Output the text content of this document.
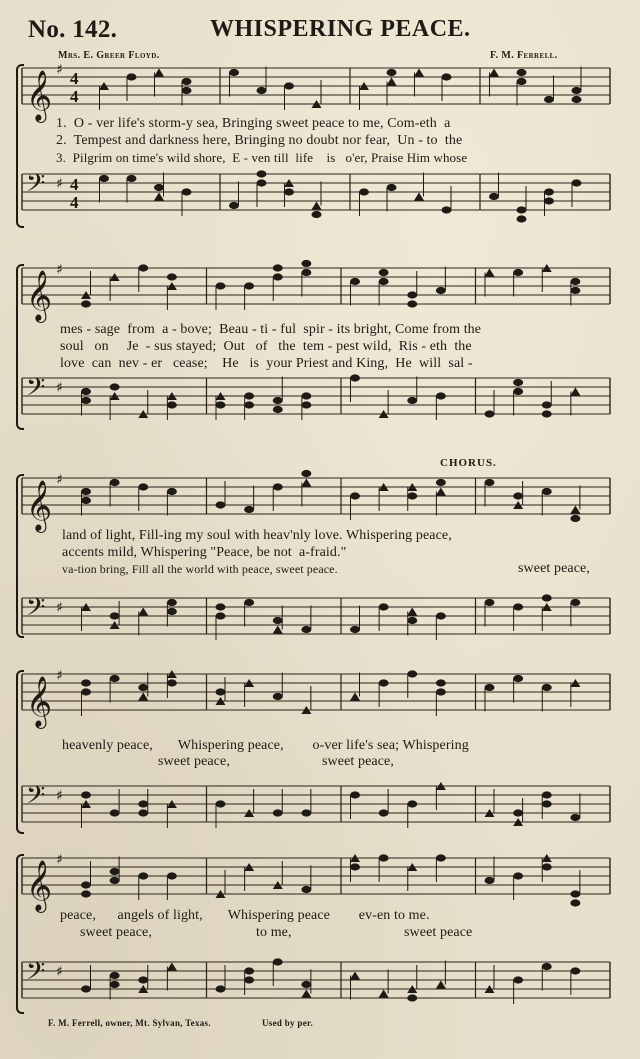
No. 142.	WHISPERING PEACE.
Mrs. E. Greer Floyd.	F. M. Ferrell.
𝄞 ♯ 4
4
𝄢 ♯ 4
4
1.  O - ver life's storm-y sea, Bringing sweet peace to me, Com-eth  a
2.  Tempest and darkness here, Bringing no doubt nor fear,  Un - to  the
3.  Pilgrim on time's wild shore,  E - ven till  life    is   o'er, Praise Him whose
𝄞 ♯
𝄢 ♯
mes - sage  from  a - bove;  Beau - ti - ful  spir - its bright, Come from the
soul   on     Je  - sus stayed;  Out   of   the  tem - pest wild,  Ris - eth  the
love  can  nev - er   cease;    He   is  your Priest and King,  He  will  sal -
CHORUS.
𝄞 ♯
𝄢 ♯
land of light, Fill-ing my soul with heav'nly love. Whispering peace,
accents mild, Whispering "Peace, be not  a-fraid."
va-tion bring, Fill all the world with peace, sweet peace.	sweet peace,
𝄞 ♯
𝄢 ♯
heavenly peace,       Whispering peace,        o-ver life's sea; Whispering
sweet peace,	sweet peace,
𝄞 ♯
𝄢 ♯
peace,      angels of light,       Whispering peace        ev-en to me.
sweet peace,	to me,	sweet peace
F. M. Ferrell, owner, Mt. Sylvan, Texas.	Used by per.
